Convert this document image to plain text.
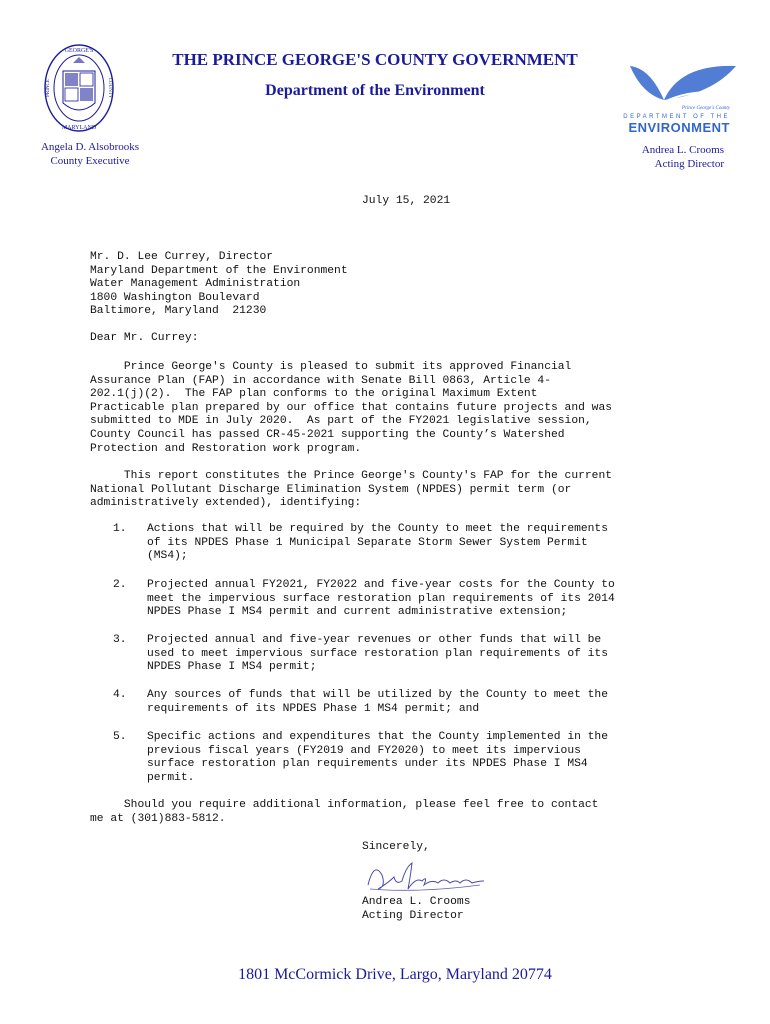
GEORGE'S
MARYLAND
PRINCE	COUNTY
THE PRINCE GEORGE'S COUNTY GOVERNMENT
Department of the Environment
Prince George's County
DEPARTMENT OF THE
ENVIRONMENT
Angela D. Alsobrooks
County Executive
Andrea L. Crooms
Acting Director
July 15, 2021
Mr. D. Lee Currey, Director
Maryland Department of the Environment
Water Management Administration
1800 Washington Boulevard
Baltimore, Maryland  21230
Dear Mr. Currey:
Prince George's County is pleased to submit its approved Financial
Assurance Plan (FAP) in accordance with Senate Bill 0863, Article 4-
202.1(j)(2).  The FAP plan conforms to the original Maximum Extent
Practicable plan prepared by our office that contains future projects and was
submitted to MDE in July 2020.  As part of the FY2021 legislative session,
County Council has passed CR-45-2021 supporting the County’s Watershed
Protection and Restoration work program.
This report constitutes the Prince George's County's FAP for the current
National Pollutant Discharge Elimination System (NPDES) permit term (or
administratively extended), identifying:
1. Actions that will be required by the County to meet the requirements
of its NPDES Phase 1 Municipal Separate Storm Sewer System Permit
(MS4);
2. Projected annual FY2021, FY2022 and five-year costs for the County to
meet the impervious surface restoration plan requirements of its 2014
NPDES Phase I MS4 permit and current administrative extension;
3. Projected annual and five-year revenues or other funds that will be
used to meet impervious surface restoration plan requirements of its
NPDES Phase I MS4 permit;
4. Any sources of funds that will be utilized by the County to meet the
requirements of its NPDES Phase 1 MS4 permit; and
5. Specific actions and expenditures that the County implemented in the
previous fiscal years (FY2019 and FY2020) to meet its impervious
surface restoration plan requirements under its NPDES Phase I MS4
permit.
Should you require additional information, please feel free to contact
me at (301)883-5812.
Sincerely,
Andrea L. Crooms
Acting Director
1801 McCormick Drive, Largo, Maryland 20774
